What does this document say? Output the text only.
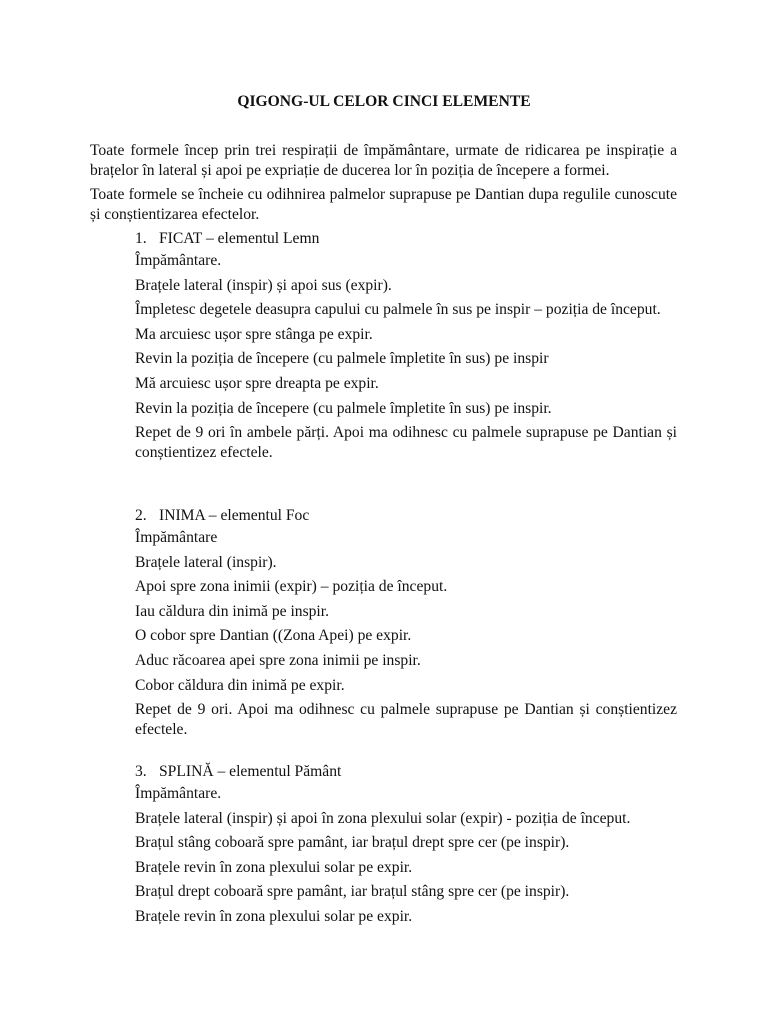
QIGONG-UL CELOR CINCI ELEMENTE

Toate formele încep prin trei respirații de împământare, urmate de ridicarea pe inspirație a brațelor în lateral și apoi pe expriație de ducerea lor în poziția de începere a formei.

Toate formele se încheie cu odihnirea palmelor suprapuse pe Dantian dupa regulile cunoscute și conștientizarea efectelor.

1. FICAT – elementul Lemn

Împământare.

Brațele lateral (inspir) și apoi sus (expir).

Împletesc degetele deasupra capului cu palmele în sus pe inspir – poziția de început.

Ma arcuiesc ușor spre stânga pe expir.

Revin la poziția de începere (cu palmele împletite în sus) pe inspir

Mă arcuiesc ușor spre dreapta pe expir.

Revin la poziția de începere (cu palmele împletite în sus) pe inspir.

Repet de 9 ori în ambele părți. Apoi ma odihnesc cu palmele suprapuse pe Dantian și conștientizez efectele.

2. INIMA – elementul Foc

Împământare

Brațele lateral (inspir).

Apoi spre zona inimii (expir) – poziția de început.

Iau căldura din inimă pe inspir.

O cobor spre Dantian ((Zona Apei) pe expir.

Aduc răcoarea apei spre zona inimii pe inspir.

Cobor căldura din inimă pe expir.

Repet de 9 ori. Apoi ma odihnesc cu palmele suprapuse pe Dantian și conștientizez efectele.

3. SPLINĂ – elementul Pământ

Împământare.

Brațele lateral (inspir) și apoi în zona plexului solar (expir) - poziția de început.

Brațul stâng coboară spre pamânt, iar brațul drept spre cer (pe inspir).

Brațele revin în zona plexului solar pe expir.

Brațul drept coboară spre pamânt, iar brațul stâng spre cer (pe inspir).

Brațele revin în zona plexului solar pe expir.
